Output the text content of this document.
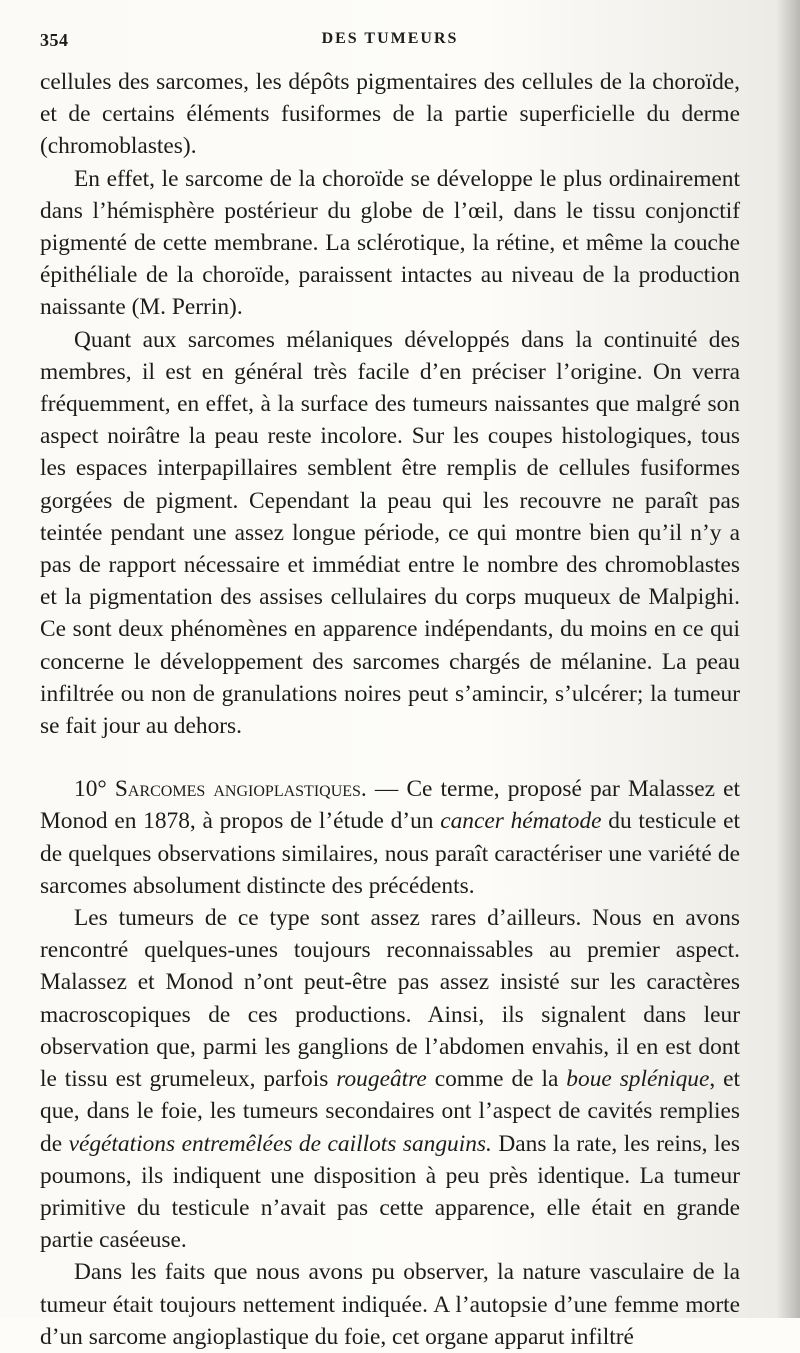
354	DES TUMEURS

cellules des sarcomes, les dépôts pigmentaires des cellules de la choroïde, et de certains éléments fusiformes de la partie superficielle du derme (chromoblastes).

En effet, le sarcome de la choroïde se développe le plus ordinairement dans l’hémisphère postérieur du globe de l’œil, dans le tissu conjonctif pigmenté de cette membrane. La sclérotique, la rétine, et même la couche épithéliale de la choroïde, paraissent intactes au niveau de la production naissante (M. Perrin).

Quant aux sarcomes mélaniques développés dans la continuité des membres, il est en général très facile d’en préciser l’origine. On verra fréquemment, en effet, à la surface des tumeurs naissantes que malgré son aspect noirâtre la peau reste incolore. Sur les coupes histologiques, tous les espaces interpapillaires semblent être remplis de cellules fusiformes gorgées de pigment. Cependant la peau qui les recouvre ne paraît pas teintée pendant une assez longue période, ce qui montre bien qu’il n’y a pas de rapport nécessaire et immédiat entre le nombre des chromoblastes et la pigmentation des assises cellulaires du corps muqueux de Malpighi. Ce sont deux phénomènes en apparence indépendants, du moins en ce qui concerne le développement des sarcomes chargés de mélanine. La peau infiltrée ou non de granulations noires peut s’amincir, s’ulcérer; la tumeur se fait jour au dehors.

10° Sarcomes angioplastiques. — Ce terme, proposé par Malassez et Monod en 1878, à propos de l’étude d’un cancer hématode du testicule et de quelques observations similaires, nous paraît caractériser une variété de sarcomes absolument distincte des précédents.

Les tumeurs de ce type sont assez rares d’ailleurs. Nous en avons rencontré quelques-unes toujours reconnaissables au premier aspect. Malassez et Monod n’ont peut-être pas assez insisté sur les caractères macroscopiques de ces productions. Ainsi, ils signalent dans leur observation que, parmi les ganglions de l’abdomen envahis, il en est dont le tissu est grumeleux, parfois rougeâtre comme de la boue splénique, et que, dans le foie, les tumeurs secondaires ont l’aspect de cavités remplies de végétations entremêlées de caillots sanguins. Dans la rate, les reins, les poumons, ils indiquent une disposition à peu près identique. La tumeur primitive du testicule n’avait pas cette apparence, elle était en grande partie caséeuse.

Dans les faits que nous avons pu observer, la nature vasculaire de la tumeur était toujours nettement indiquée. A l’autopsie d’une femme morte d’un sarcome angioplastique du foie, cet organe apparut infiltré
